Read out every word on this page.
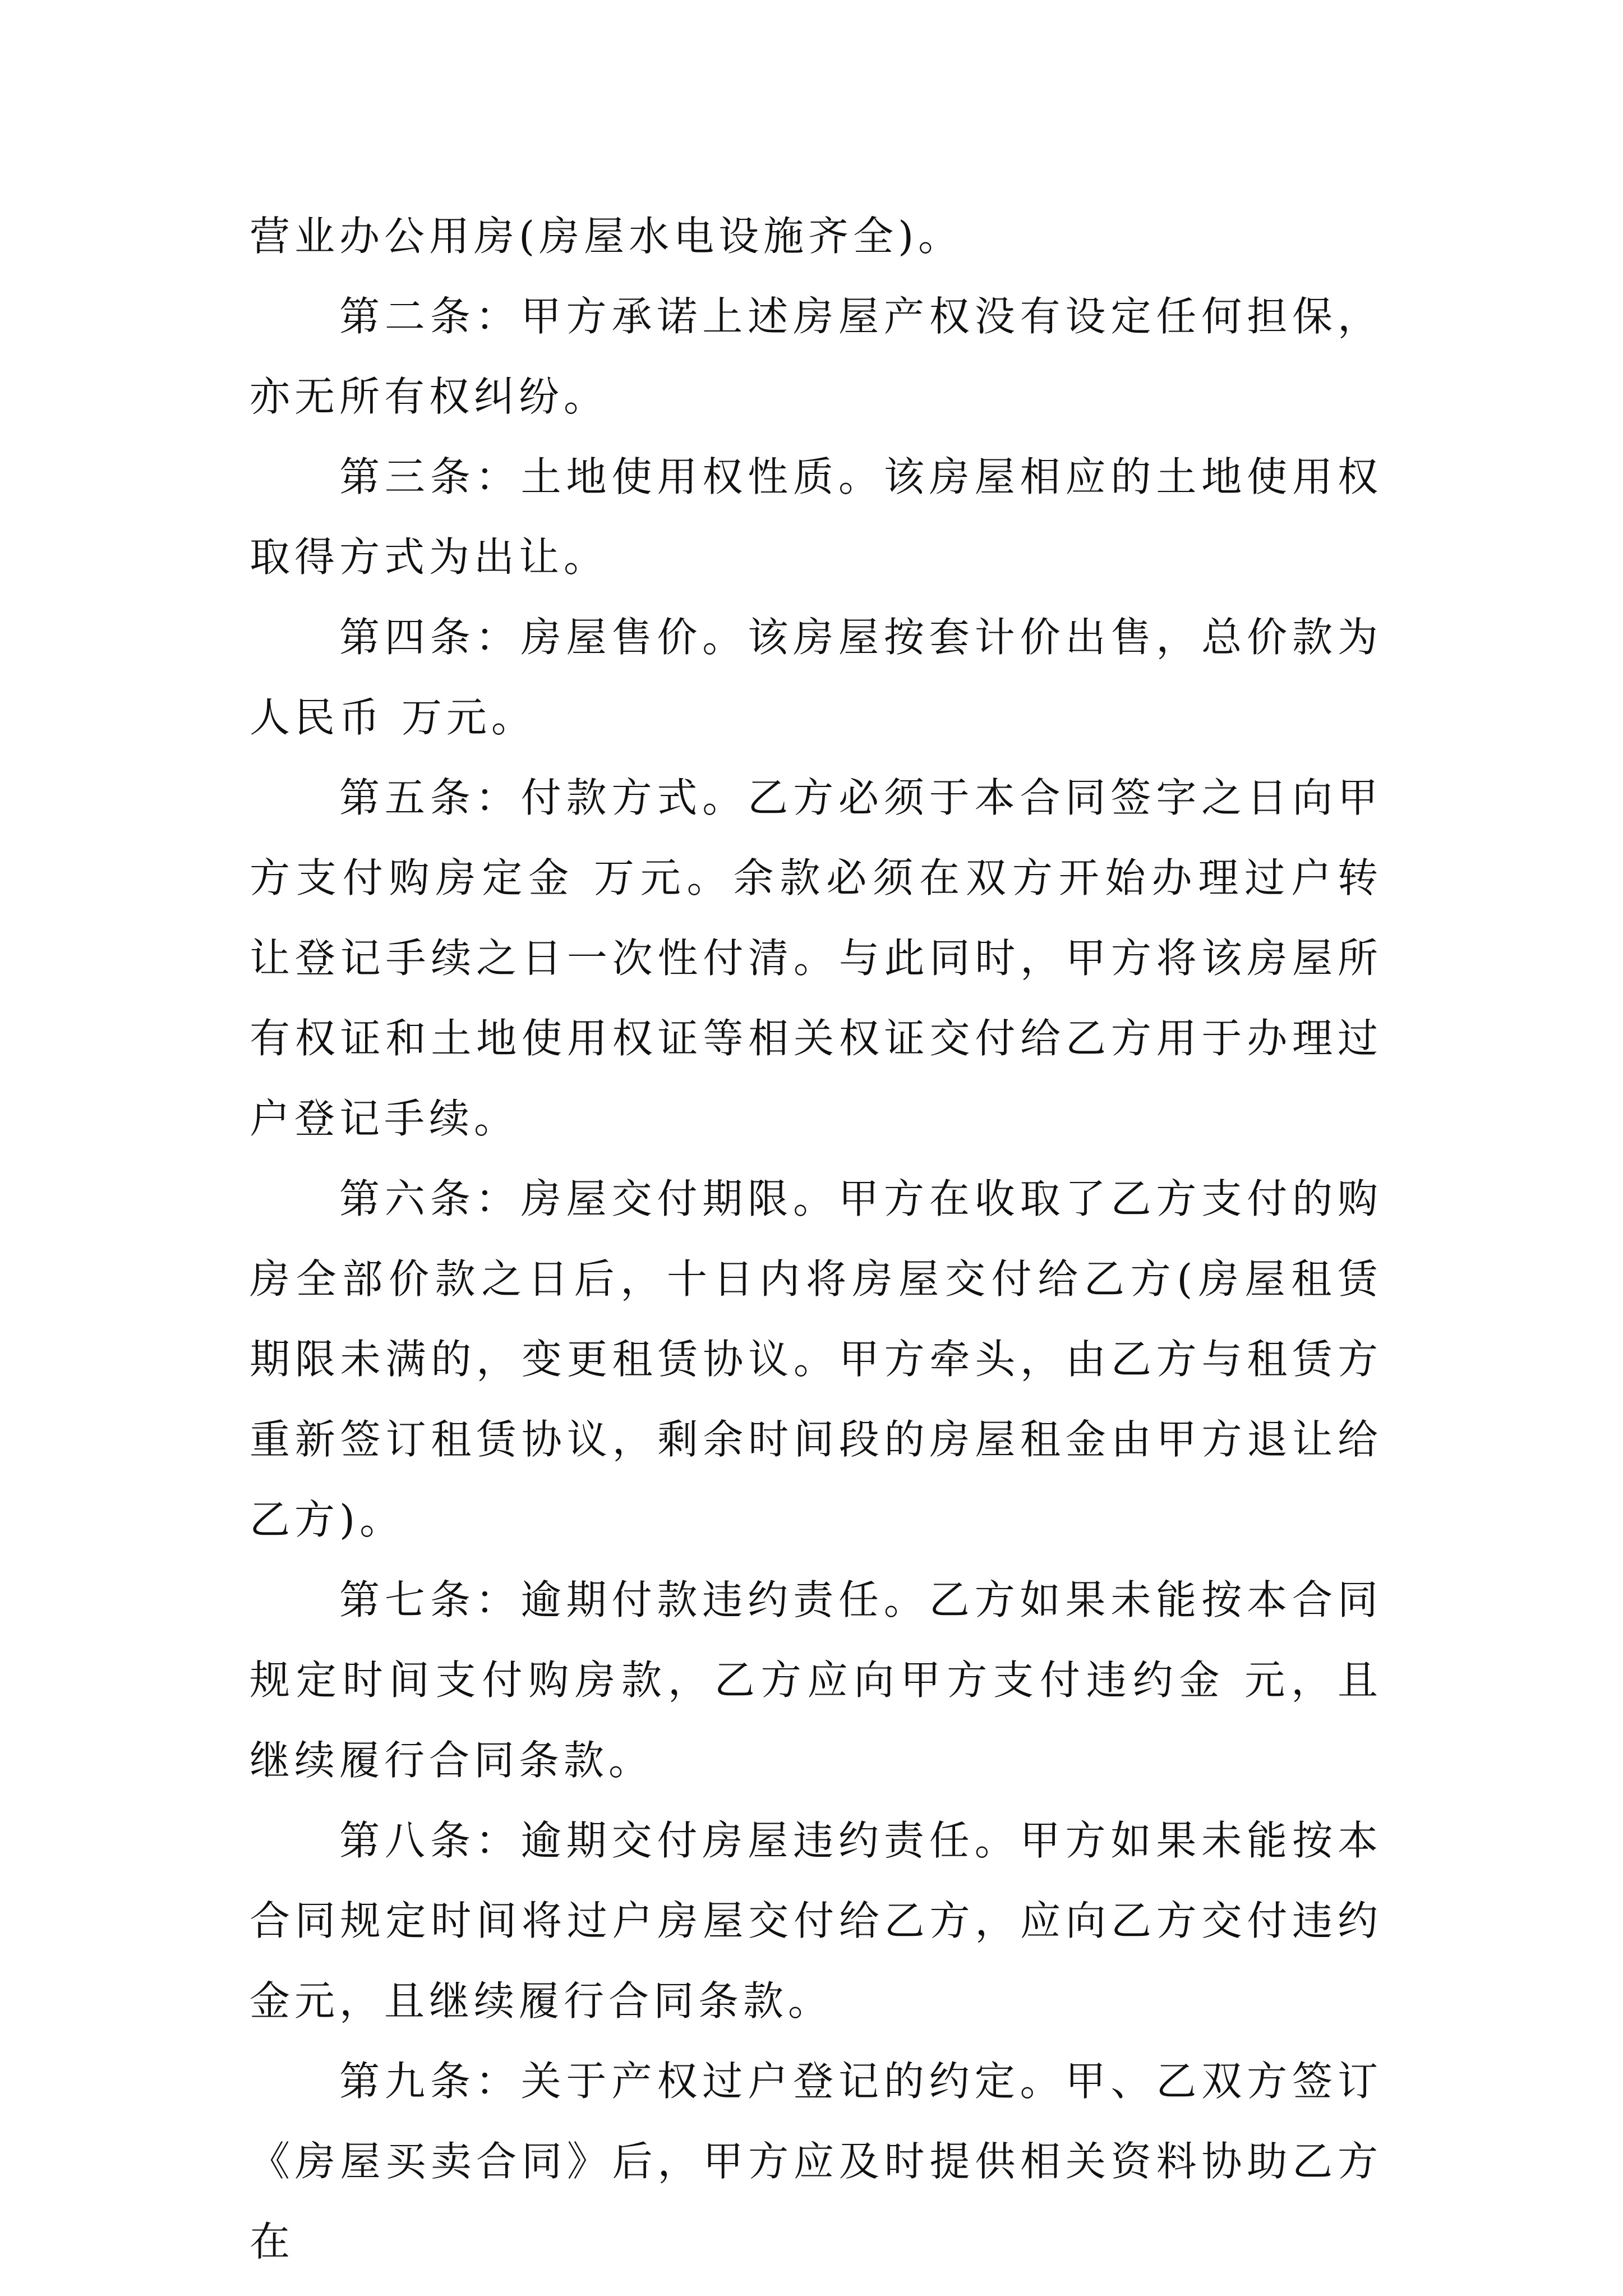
营业办公用房(房屋水电设施齐全)。

第二条：甲方承诺上述房屋产权没有设定任何担保，亦无所有权纠纷。

第三条：土地使用权性质。该房屋相应的土地使用权取得方式为出让。

第四条：房屋售价。该房屋按套计价出售，总价款为人民币 万元。

第五条：付款方式。乙方必须于本合同签字之日向甲方支付购房定金 万元。余款必须在双方开始办理过户转让登记手续之日一次性付清。与此同时，甲方将该房屋所有权证和土地使用权证等相关权证交付给乙方用于办理过户登记手续。

第六条：房屋交付期限。甲方在收取了乙方支付的购房全部价款之日后，十日内将房屋交付给乙方(房屋租赁期限未满的，变更租赁协议。甲方牵头，由乙方与租赁方重新签订租赁协议，剩余时间段的房屋租金由甲方退让给乙方)。

第七条：逾期付款违约责任。乙方如果未能按本合同规定时间支付购房款，乙方应向甲方支付违约金 元，且继续履行合同条款。

第八条：逾期交付房屋违约责任。甲方如果未能按本合同规定时间将过户房屋交付给乙方，应向乙方交付违约金元，且继续履行合同条款。

第九条：关于产权过户登记的约定。甲、乙双方签订《房屋买卖合同》后，甲方应及时提供相关资料协助乙方在
